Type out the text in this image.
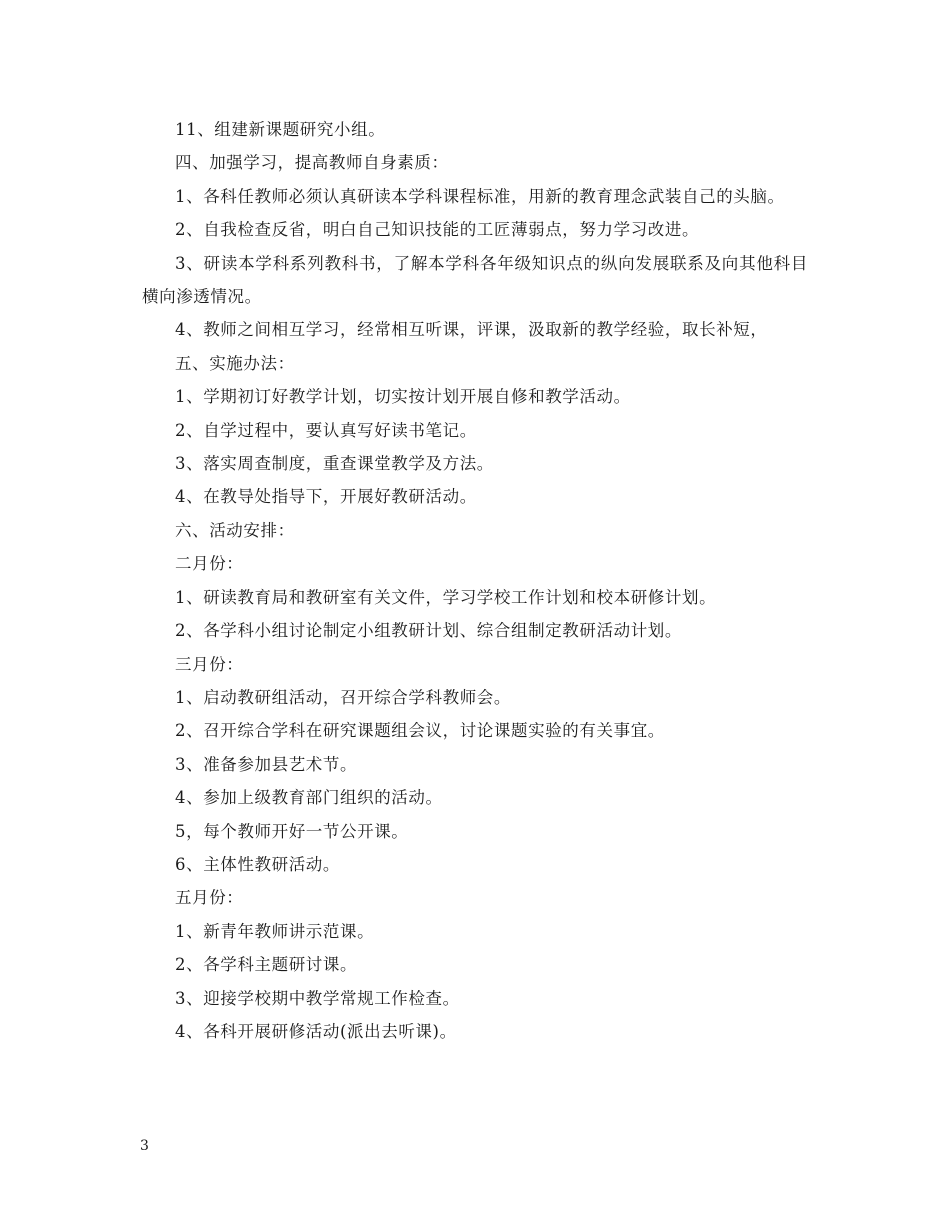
11、组建新课题研究小组。

四、加强学习，提高教师自身素质：

1、各科任教师必须认真研读本学科课程标准，用新的教育理念武装自己的头脑。

2、自我检查反省，明白自己知识技能的工匠薄弱点，努力学习改进。

3、研读本学科系列教科书，了解本学科各年级知识点的纵向发展联系及向其他科目横向渗透情况。

4、教师之间相互学习，经常相互听课，评课，汲取新的教学经验，取长补短，

五、实施办法：

1、学期初订好教学计划，切实按计划开展自修和教学活动。

2、自学过程中，要认真写好读书笔记。

3、落实周查制度，重查课堂教学及方法。

4、在教导处指导下，开展好教研活动。

六、活动安排：

二月份：

1、研读教育局和教研室有关文件，学习学校工作计划和校本研修计划。

2、各学科小组讨论制定小组教研计划、综合组制定教研活动计划。

三月份：

1、启动教研组活动，召开综合学科教师会。

2、召开综合学科在研究课题组会议，讨论课题实验的有关事宜。

3、准备参加县艺术节。

4、参加上级教育部门组织的活动。

5，每个教师开好一节公开课。

6、主体性教研活动。

五月份：

1、新青年教师讲示范课。

2、各学科主题研讨课。

3、迎接学校期中教学常规工作检查。

4、各科开展研修活动(派出去听课)。

3
